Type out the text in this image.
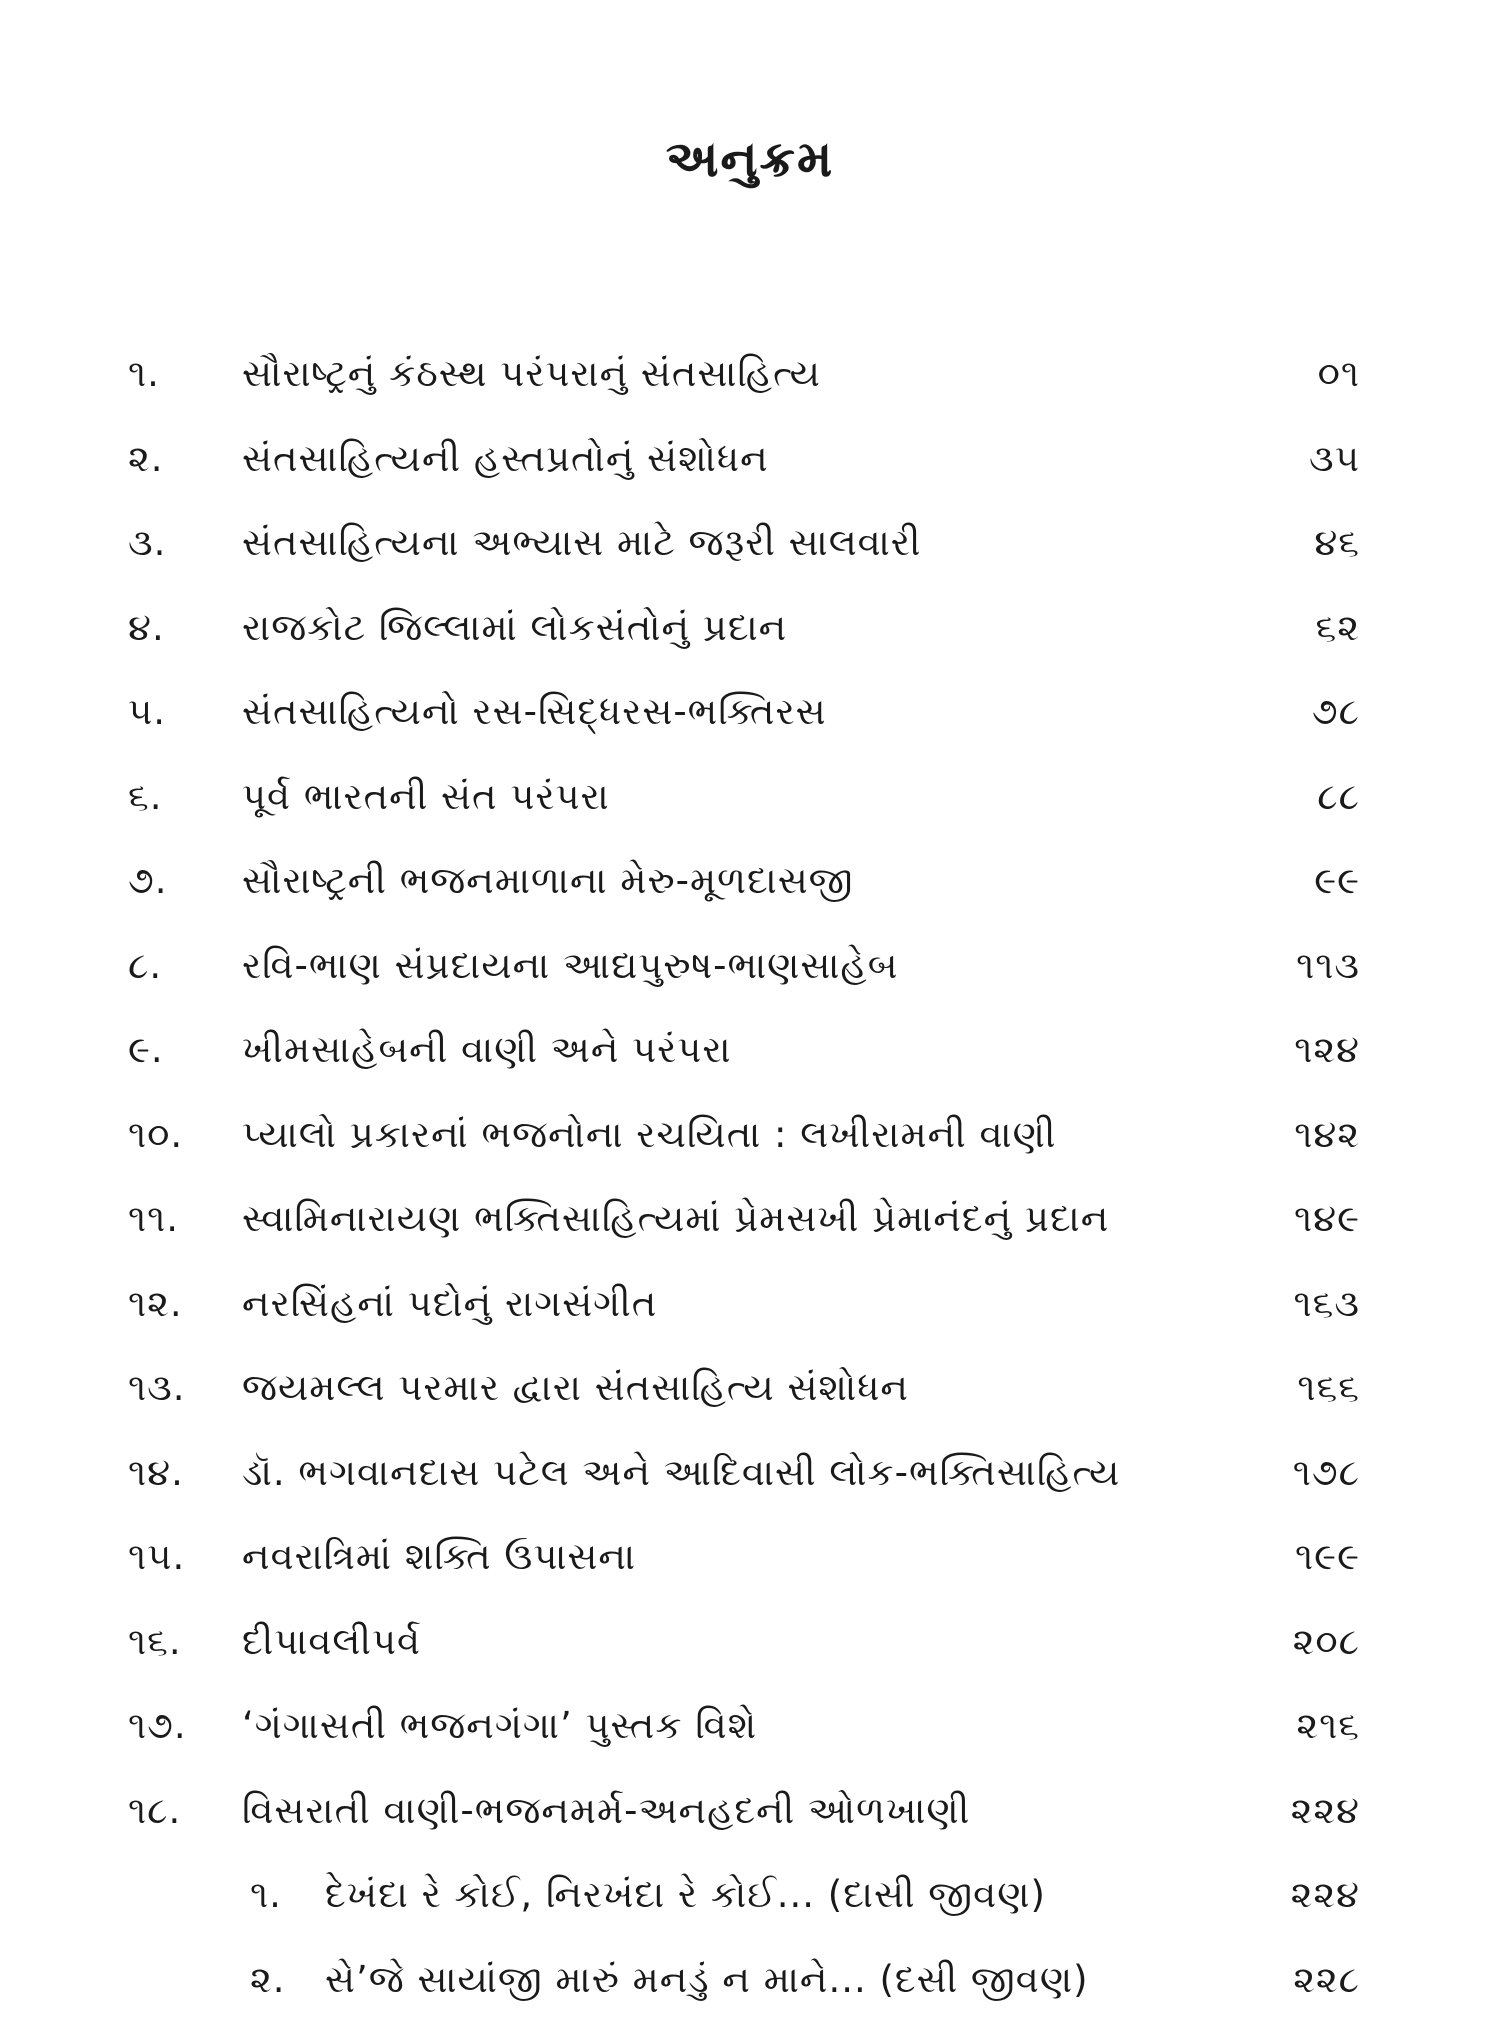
અનુક્રમ
૧. સૌરાષ્ટ્રનું કંઠસ્થ પરંપરાનું સંતસાહિત્ય	૦૧
૨. સંતસાહિત્યની હસ્તપ્રતોનું સંશોધન	૩૫
૩. સંતસાહિત્યના અભ્યાસ માટે જરૂરી સાલવારી	૪૬
૪. રાજકોટ જિલ્લામાં લોકસંતોનું પ્રદાન	૬૨
૫. સંતસાહિત્યનો રસ-સિદ્ધરસ-ભક્તિરસ	૭૮
૬. પૂર્વ ભારતની સંત પરંપરા	૮૮
૭. સૌરાષ્ટ્રની ભજનમાળાના મેરુ-મૂળદાસજી	૯૯
૮. રવિ-ભાણ સંપ્રદાયના આદ્યપુરુષ-ભાણસાહેબ	૧૧૩
૯. ખીમસાહેબની વાણી અને પરંપરા	૧૨૪
૧૦. પ્યાલો પ્રકારનાં ભજનોના રચયિતા : લખીરામની વાણી	૧૪૨
૧૧. સ્વામિનારાયણ ભક્તિસાહિત્યમાં પ્રેમસખી પ્રેમાનંદનું પ્રદાન	૧૪૯
૧૨. નરસિંહનાં પદોનું રાગસંગીત	૧૬૩
૧૩. જયમલ્લ પરમાર દ્વારા સંતસાહિત્ય સંશોધન	૧૬૬
૧૪. ડૉ. ભગવાનદાસ પટેલ અને આદિવાસી લોક-ભક્તિસાહિત્ય	૧૭૮
૧૫. નવરાત્રિમાં શક્તિ ઉપાસના	૧૯૯
૧૬. દીપાવલીપર્વ	૨૦૮
૧૭. ‘ગંગાસતી ભજનગંગા’ પુસ્તક વિશે	૨૧૬
૧૮. વિસરાતી વાણી-ભજનમર્મ-અનહદની ઓળખાણી	૨૨૪
૧. દેખંદા રે કોઈ, નિરખંદા રે કોઈ... (દાસી જીવણ)	૨૨૪
૨. સે’જે સાયાંજી મારું મનડું ન માને... (દસી જીવણ)	૨૨૮
